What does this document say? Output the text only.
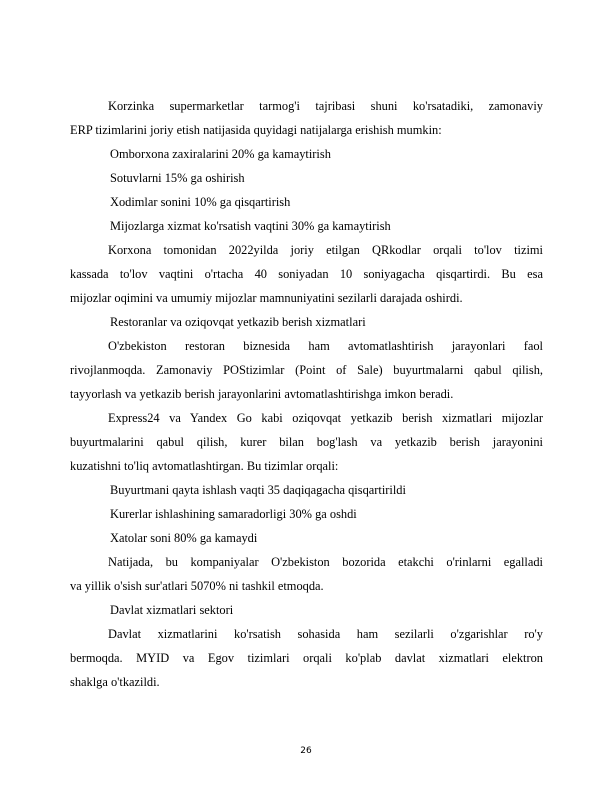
Korzinka supermarketlar tarmog'i tajribasi shuni ko'rsatadiki, zamonaviy
ERP tizimlarini joriy etish natijasida quyidagi natijalarga erishish mumkin:
Omborxona zaxiralarini 20% ga kamaytirish
Sotuvlarni 15% ga oshirish
Xodimlar sonini 10% ga qisqartirish
Mijozlarga xizmat ko'rsatish vaqtini 30% ga kamaytirish
Korxona tomonidan 2022yilda joriy etilgan QRkodlar orqali to'lov tizimi
kassada to'lov vaqtini o'rtacha 40 soniyadan 10 soniyagacha qisqartirdi. Bu esa
mijozlar oqimini va umumiy mijozlar mamnuniyatini sezilarli darajada oshirdi.
Restoranlar va oziqovqat yetkazib berish xizmatlari
O'zbekiston restoran biznesida ham avtomatlashtirish jarayonlari faol
rivojlanmoqda. Zamonaviy POStizimlar (Point of Sale) buyurtmalarni qabul qilish,
tayyorlash va yetkazib berish jarayonlarini avtomatlashtirishga imkon beradi.
Express24 va Yandex Go kabi oziqovqat yetkazib berish xizmatlari mijozlar
buyurtmalarini qabul qilish, kurer bilan bog'lash va yetkazib berish jarayonini
kuzatishni to'liq avtomatlashtirgan. Bu tizimlar orqali:
Buyurtmani qayta ishlash vaqti 35 daqiqagacha qisqartirildi
Kurerlar ishlashining samaradorligi 30% ga oshdi
Xatolar soni 80% ga kamaydi
Natijada, bu kompaniyalar O'zbekiston bozorida etakchi o'rinlarni egalladi
va yillik o'sish sur'atlari 5070% ni tashkil etmoqda.
Davlat xizmatlari sektori
Davlat xizmatlarini ko'rsatish sohasida ham sezilarli o'zgarishlar ro'y
bermoqda. MYID va Egov tizimlari orqali ko'plab davlat xizmatlari elektron
shaklga o'tkazildi.
26
